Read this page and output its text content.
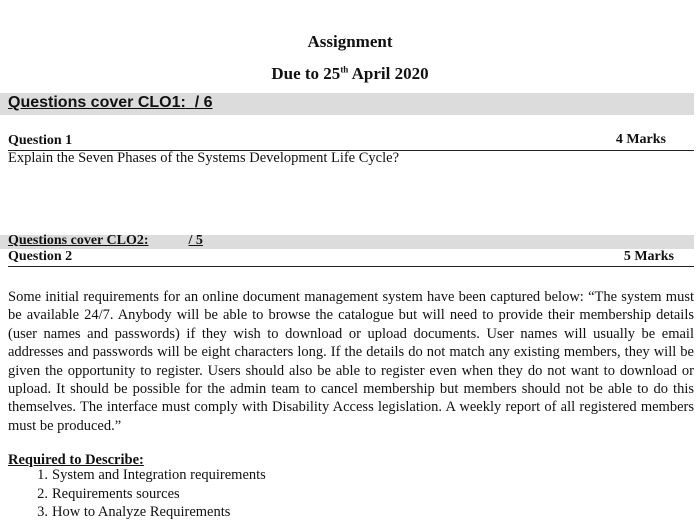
Assignment
Due to 25th April 2020
Questions cover CLO1: / 6
Question 1	4 Marks
Explain the Seven Phases of the Systems Development Life Cycle?
Questions cover CLO2:	/ 5
Question 2	5 Marks
Some initial requirements for an online document management system have been captured below: “The system must be available 24/7. Anybody will be able to browse the catalogue but will need to provide their membership details (user names and passwords) if they wish to download or upload documents. User names will usually be email addresses and passwords will be eight characters long. If the details do not match any existing members, they will be given the opportunity to register. Users should also be able to register even when they do not want to download or upload. It should be possible for the admin team to cancel membership but members should not be able to do this themselves. The interface must comply with Disability Access legislation. A weekly report of all registered members must be produced.”
Required to Describe:
1. System and Integration requirements
2. Requirements sources
3. How to Analyze Requirements
